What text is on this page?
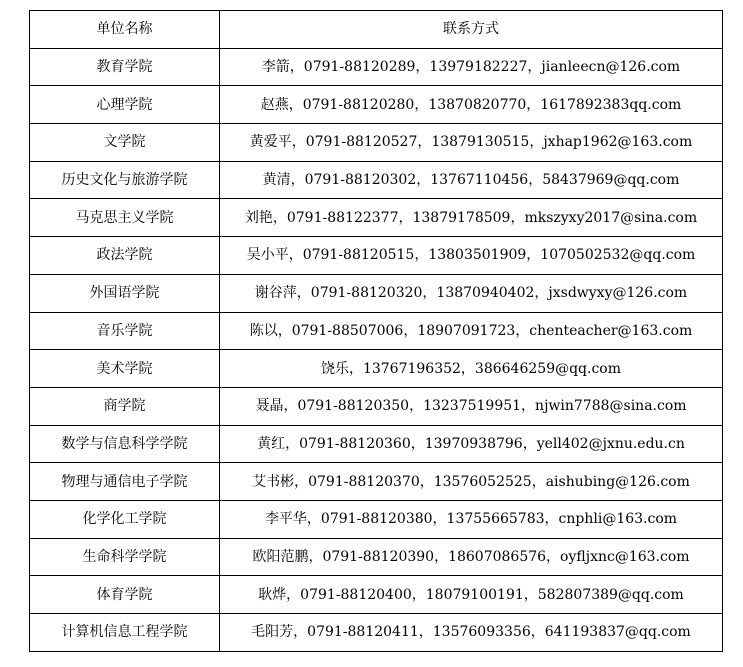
单位名称	联系方式
教育学院	李箭，0791-88120289，13979182227，jianleecn@126.com
心理学院	赵燕，0791-88120280，13870820770，1617892383qq.com
文学院	黄爱平，0791-88120527，13879130515，jxhap1962@163.com
历史文化与旅游学院	黄清，0791-88120302，13767110456，58437969@qq.com
马克思主义学院	刘艳，0791-88122377，13879178509，mkszyxy2017@sina.com
政法学院	吴小平，0791-88120515，13803501909，1070502532@qq.com
外国语学院	谢谷萍，0791-88120320，13870940402，jxsdwyxy@126.com
音乐学院	陈以，0791-88507006，18907091723，chenteacher@163.com
美术学院	饶乐，13767196352，386646259@qq.com
商学院	聂晶，0791-88120350，13237519951，njwin7788@sina.com
数学与信息科学学院	黄红，0791-88120360，13970938796，yell402@jxnu.edu.cn
物理与通信电子学院	艾书彬，0791-88120370，13576052525，aishubing@126.com
化学化工学院	李平华，0791-88120380，13755665783，cnphli@163.com
生命科学学院	欧阳范鹏，0791-88120390，18607086576，oyfljxnc@163.com
体育学院	耿烨，0791-88120400，18079100191，582807389@qq.com
计算机信息工程学院	毛阳芳，0791-88120411，13576093356，641193837@qq.com
